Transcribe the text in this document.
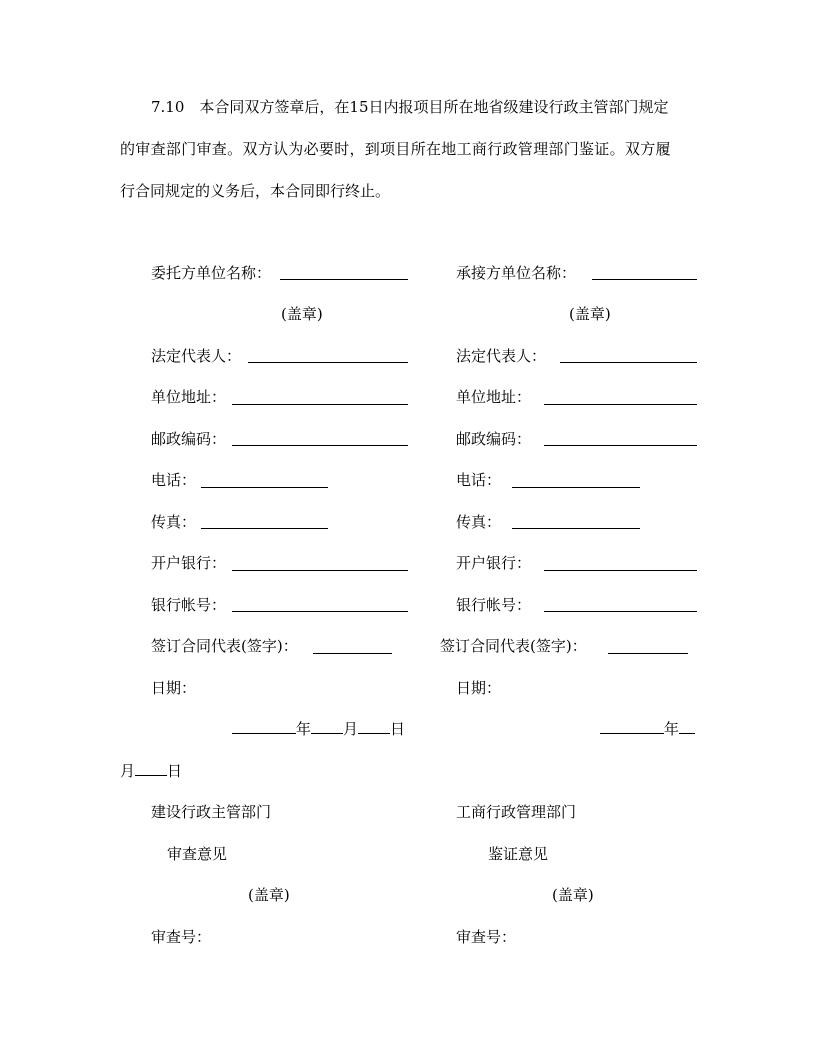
7.10　本合同双方签章后，在15日内报项目所在地省级建设行政主管部门规定
的审查部门审查。双方认为必要时，到项目所在地工商行政管理部门鉴证。双方履
行合同规定的义务后，本合同即行终止。
委托方单位名称：
(盖章)
法定代表人：
单位地址：
邮政编码：
电话：
传真：
开户银行：
银行帐号：
签订合同代表(签字)：
日期：
年 月 日
承接方单位名称：
(盖章)
法定代表人：
单位地址：
邮政编码：
电话：
传真：
开户银行：
银行帐号：
签订合同代表(签字)：
日期：
年
月 日
建设行政主管部门
审查意见
(盖章)
审查号：
工商行政管理部门
鉴证意见
(盖章)
审查号：
